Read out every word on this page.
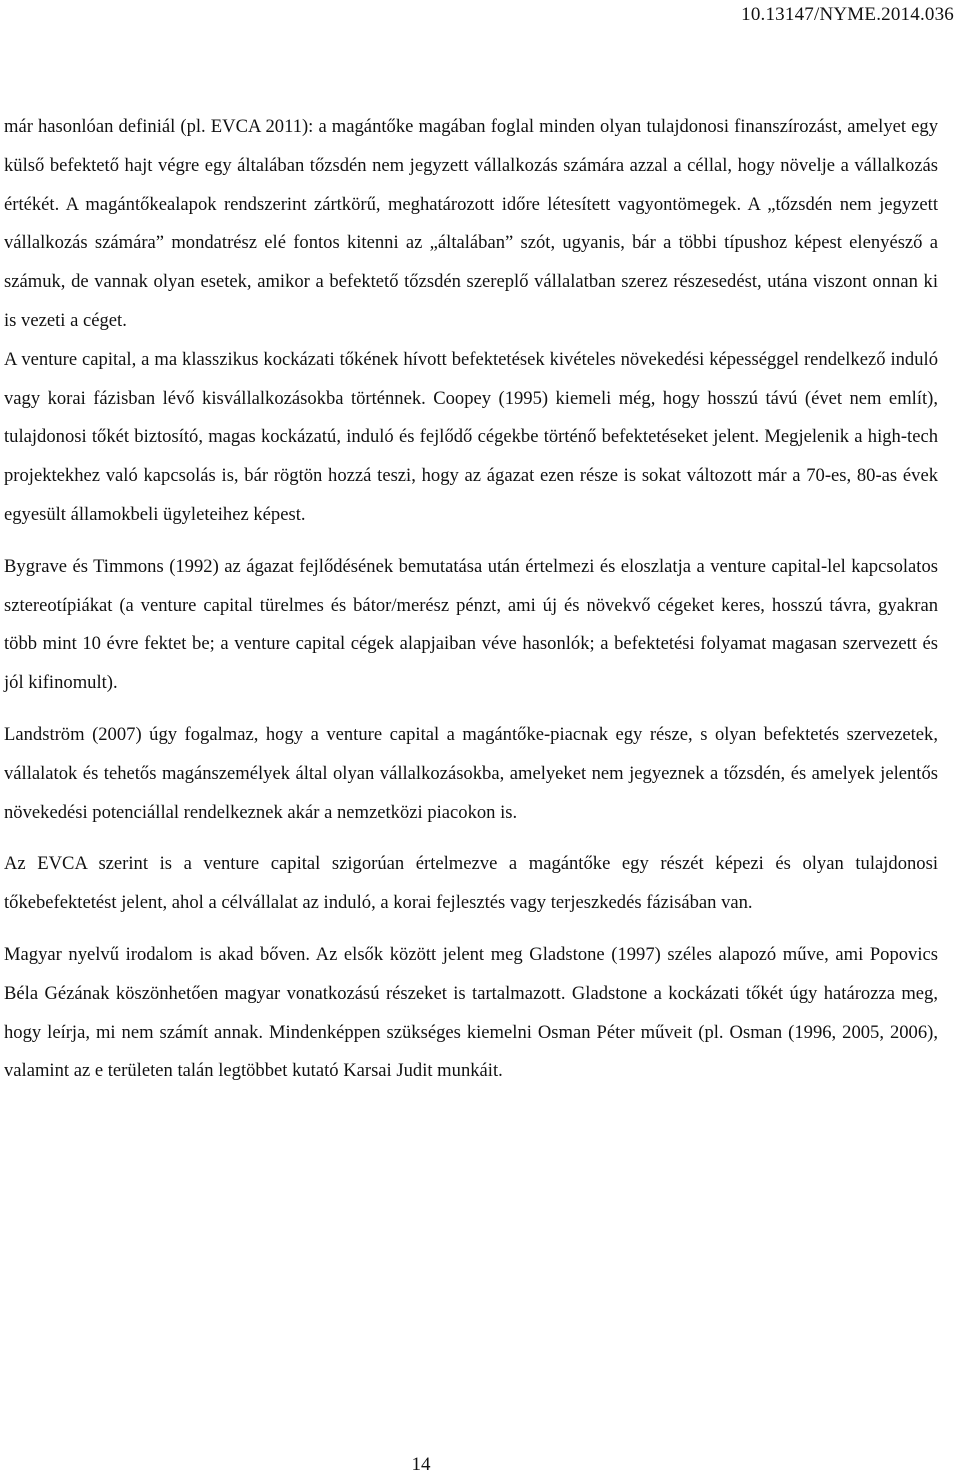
10.13147/NYME.2014.036

már hasonlóan definiál (pl. EVCA 2011): a magántőke magában foglal minden olyan tulajdonosi finanszírozást, amelyet egy külső befektető hajt végre egy általában tőzsdén nem jegyzett vállalkozás számára azzal a céllal, hogy növelje a vállalkozás értékét. A magántőkealapok rendszerint zártkörű, meghatározott időre létesített vagyontömegek. A „tőzsdén nem jegyzett vállalkozás számára” mondatrész elé fontos kitenni az „általában” szót, ugyanis, bár a többi típushoz képest elenyésző a számuk, de vannak olyan esetek, amikor a befektető tőzsdén szereplő vállalatban szerez részesedést, utána viszont onnan ki is vezeti a céget.

A venture capital, a ma klasszikus kockázati tőkének hívott befektetések kivételes növekedési képességgel rendelkező induló vagy korai fázisban lévő kisvállalkozásokba történnek. Coopey (1995) kiemeli még, hogy hosszú távú (évet nem említ), tulajdonosi tőkét biztosító, magas kockázatú, induló és fejlődő cégekbe történő befektetéseket jelent. Megjelenik a high-tech projektekhez való kapcsolás is, bár rögtön hozzá teszi, hogy az ágazat ezen része is sokat változott már a 70-es, 80-as évek egyesült államokbeli ügyleteihez képest.

Bygrave és Timmons (1992) az ágazat fejlődésének bemutatása után értelmezi és eloszlatja a venture capital-lel kapcsolatos sztereotípiákat (a venture capital türelmes és bátor/merész pénzt, ami új és növekvő cégeket keres, hosszú távra, gyakran több mint 10 évre fektet be; a venture capital cégek alapjaiban véve hasonlók; a befektetési folyamat magasan szervezett és jól kifinomult).

Landström (2007) úgy fogalmaz, hogy a venture capital a magántőke-piacnak egy része, s olyan befektetés szervezetek, vállalatok és tehetős magánszemélyek által olyan vállalkozásokba, amelyeket nem jegyeznek a tőzsdén, és amelyek jelentős növekedési potenciállal rendelkeznek akár a nemzetközi piacokon is.

Az EVCA szerint is a venture capital szigorúan értelmezve a magántőke egy részét képezi és olyan tulajdonosi tőkebefektetést jelent, ahol a célvállalat az induló, a korai fejlesztés vagy terjeszkedés fázisában van.

Magyar nyelvű irodalom is akad bőven. Az elsők között jelent meg Gladstone (1997) széles alapozó műve, ami Popovics Béla Gézának köszönhetően magyar vonatkozású részeket is tartalmazott. Gladstone a kockázati tőkét úgy határozza meg, hogy leírja, mi nem számít annak. Mindenképpen szükséges kiemelni Osman Péter műveit (pl. Osman (1996, 2005, 2006), valamint az e területen talán legtöbbet kutató Karsai Judit munkáit.

14
